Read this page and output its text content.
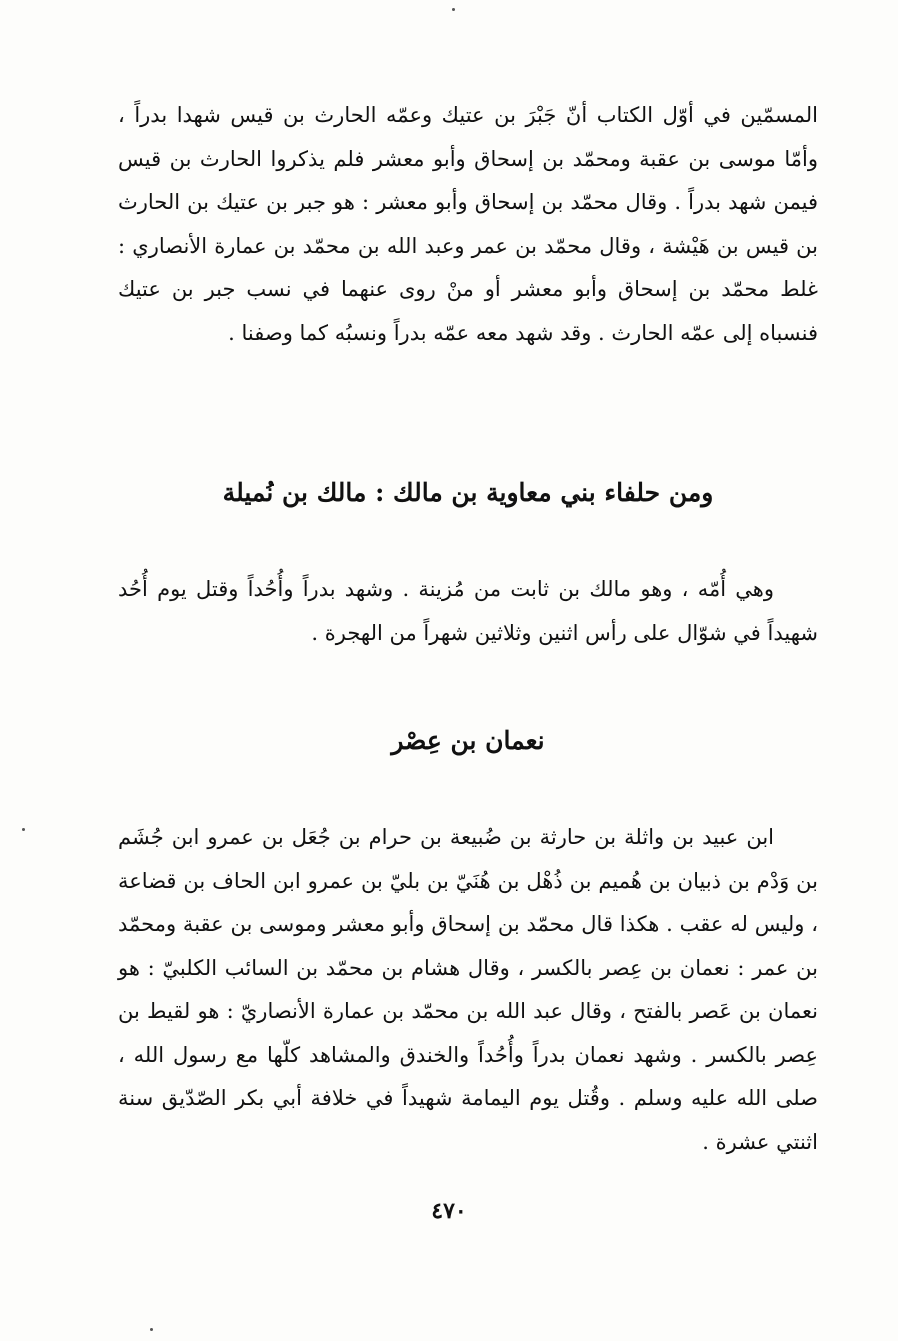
المسمّين في أوّل الكتاب أنّ جَبْرَ بن عتيك وعمّه الحارث بن قيس شهدا بدراً ، وأمّا موسى بن عقبة ومحمّد بن إسحاق وأبو معشر فلم يذكروا الحارث بن قيس فيمن شهد بدراً . وقال محمّد بن إسحاق وأبو معشر : هو جبر بن عتيك بن الحارث بن قيس بن هَيْشة ، وقال محمّد بن عمر وعبد الله بن محمّد بن عمارة الأنصاري : غلط محمّد بن إسحاق وأبو معشر أو منْ روى عنهما في نسب جبر بن عتيك فنسباه إلى عمّه الحارث . وقد شهد معه عمّه بدراً ونسبُه كما وصفنا .

ومن حلفاء بني معاوية بن مالك : مالك بن نُميلة

وهي أُمّه ، وهو مالك بن ثابت من مُزينة . وشهد بدراً وأُحُداً وقتل يوم أُحُد شهيداً في شوّال على رأس اثنين وثلاثين شهراً من الهجرة .

نعمان بن عِصْر

ابن عبيد بن واثلة بن حارثة بن ضُبيعة بن حرام بن جُعَل بن عمرو ابن جُشَم بن وَدْم بن ذبيان بن هُميم بن ذُهْل بن هُنَيّ بن بليّ بن عمرو ابن الحاف بن قضاعة ، وليس له عقب . هكذا قال محمّد بن إسحاق وأبو معشر وموسى بن عقبة ومحمّد بن عمر : نعمان بن عِصر بالكسر ، وقال هشام بن محمّد بن السائب الكلبيّ : هو نعمان بن عَصر بالفتح ، وقال عبد الله بن محمّد بن عمارة الأنصاريّ : هو لقيط بن عِصر بالكسر . وشهد نعمان بدراً وأُحُداً والخندق والمشاهد كلّها مع رسول الله ، صلى الله عليه وسلم . وقُتل يوم اليمامة شهيداً في خلافة أبي بكر الصّدّيق سنة اثنتي عشرة .

٤٧٠
